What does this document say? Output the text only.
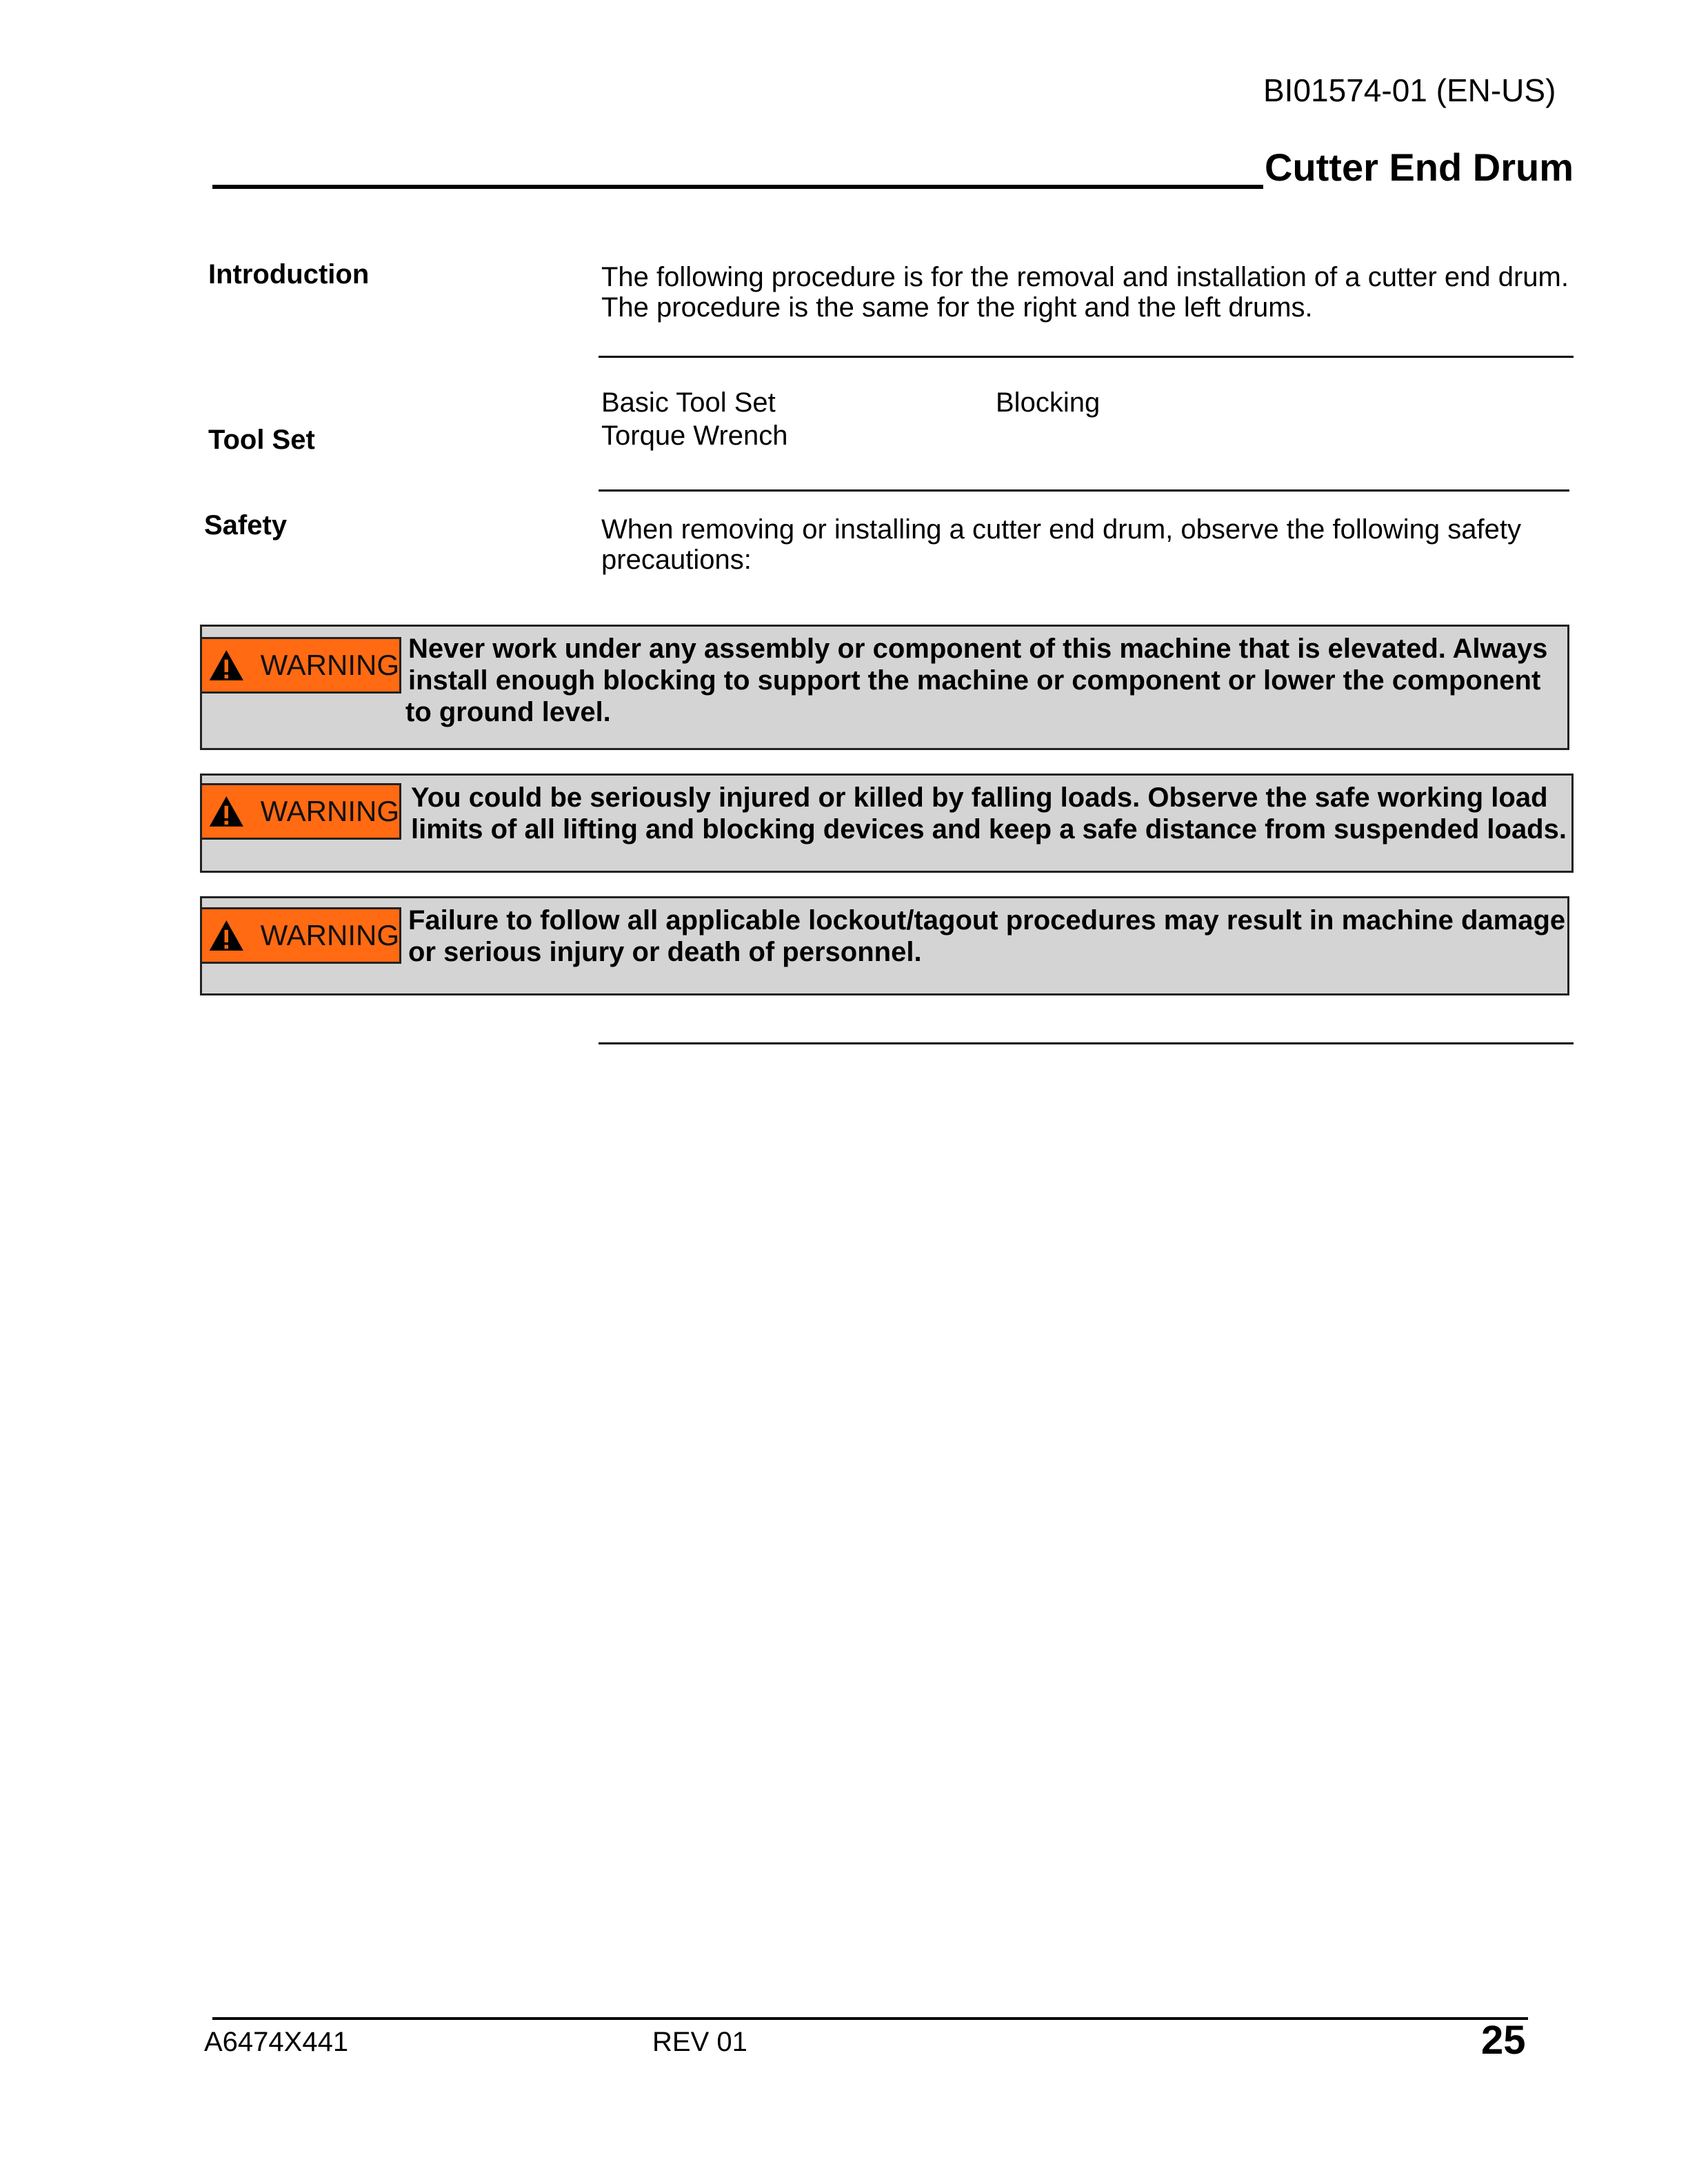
BI01574-01 (EN-US)
Cutter End Drum
Introduction	The following procedure is for the removal and installation of a cutter end drum.
The procedure is the same for the right and the left drums.
Tool Set
Basic Tool Set	Blocking
Torque Wrench
Safety	When removing or installing a cutter end drum, observe the following safety
precautions:
WARNING Never work under any assembly or component of this machine that is elevated. Always
install enough blocking to support the machine or component or lower the component
to ground level.
WARNING You could be seriously injured or killed by falling loads. Observe the safe working load
limits of all lifting and blocking devices and keep a safe distance from suspended loads.
WARNING Failure to follow all applicable lockout/tagout procedures may result in machine damage
or serious injury or death of personnel.
A6474X441	REV 01	25
